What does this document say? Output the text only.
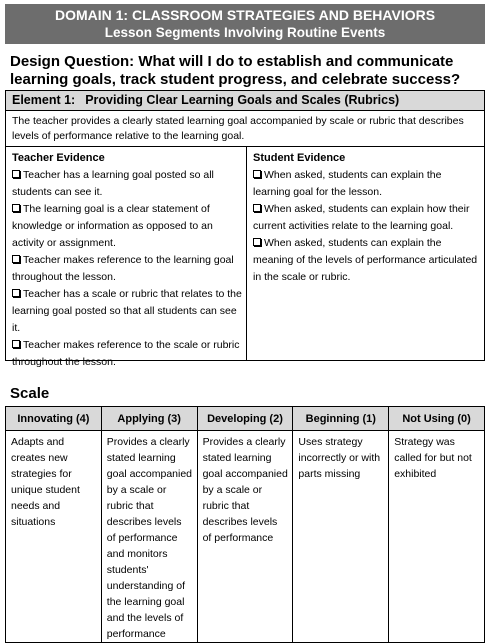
DOMAIN 1: CLASSROOM STRATEGIES AND BEHAVIORS
Lesson Segments Involving Routine Events
Design Question: What will I do to establish and communicate learning goals, track student progress, and celebrate success?
Element 1: Providing Clear Learning Goals and Scales (Rubrics)
The teacher provides a clearly stated learning goal accompanied by scale or rubric that describes levels of performance relative to the learning goal.
Teacher Evidence
Teacher has a learning goal posted so all students can see it.
The learning goal is a clear statement of knowledge or information as opposed to an activity or assignment.
Teacher makes reference to the learning goal throughout the lesson.
Teacher has a scale or rubric that relates to the learning goal posted so that all students can see it.
Teacher makes reference to the scale or rubric throughout the lesson.
Student Evidence
When asked, students can explain the learning goal for the lesson.
When asked, students can explain how their current activities relate to the learning goal.
When asked, students can explain the meaning of the levels of performance articulated in the scale or rubric.
Scale
Innovating (4)	Applying (3)	Developing (2)	Beginning (1)	Not Using (0)
Adapts and creates new strategies for unique student needs and situations	Provides a clearly stated learning goal accompanied by a scale or rubric that describes levels of performance and monitors students' understanding of the learning goal and the levels of performance	Provides a clearly stated learning goal accompanied by a scale or rubric that describes levels of performance	Uses strategy incorrectly or with parts missing	Strategy was called for but not exhibited
